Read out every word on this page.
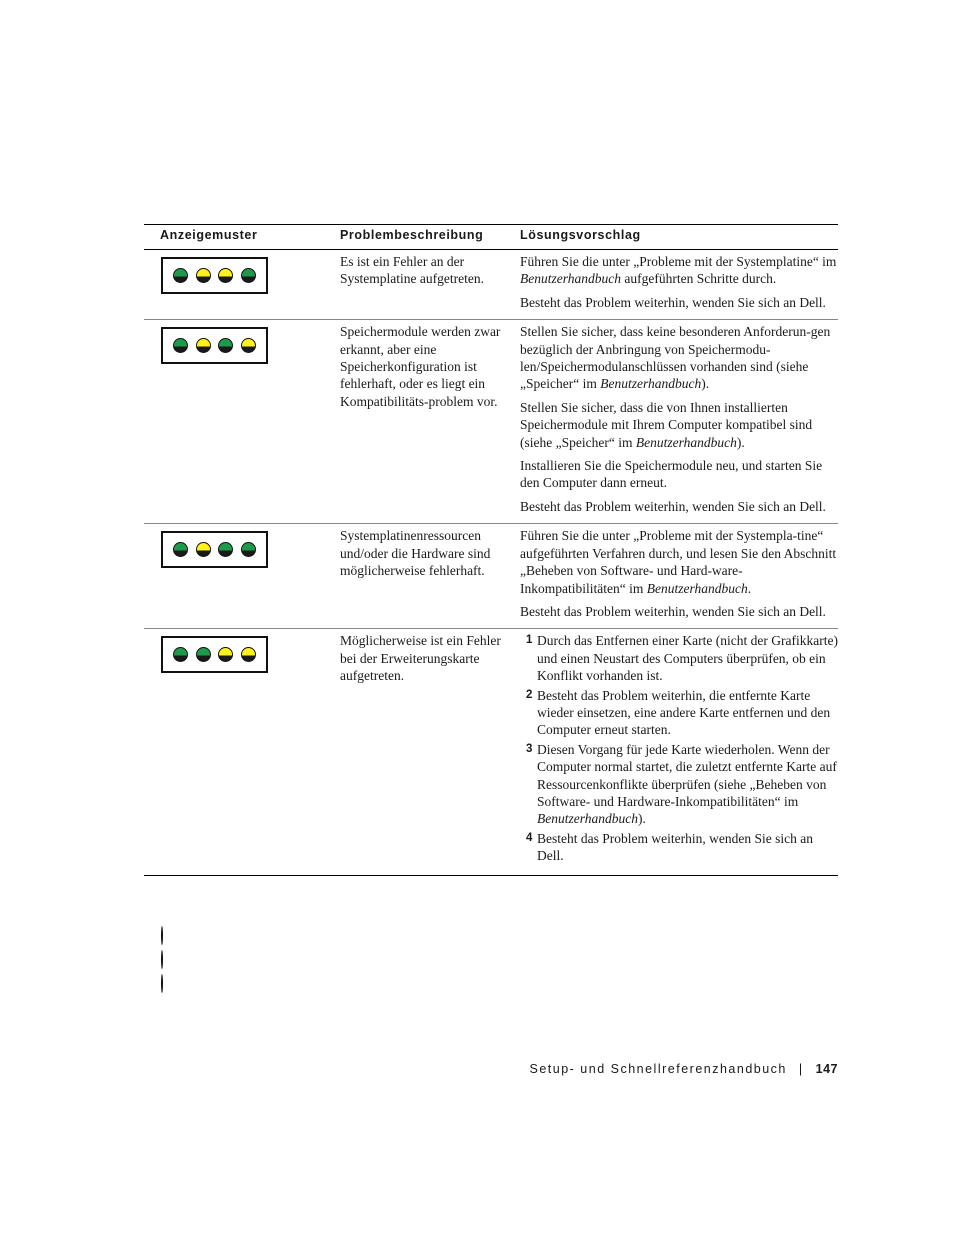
Anzeigemuster	Problembeschreibung	Lösungsvorschlag
Es ist ein Fehler an der Systemplatine aufgetreten.

Führen Sie die unter „Probleme mit der Systemplatine“ im Benutzerhandbuch aufgeführten Schritte durch.

Besteht das Problem weiterhin, wenden Sie sich an Dell.

Speichermodule werden zwar erkannt, aber eine Speicherkonfiguration ist fehlerhaft, oder es liegt ein Kompatibilitäts-problem vor.

Stellen Sie sicher, dass keine besonderen Anforderun-gen bezüglich der Anbringung von Speichermodu-len/Speichermodulanschlüssen vorhanden sind (siehe „Speicher“ im Benutzerhandbuch).

Stellen Sie sicher, dass die von Ihnen installierten Speichermodule mit Ihrem Computer kompatibel sind (siehe „Speicher“ im Benutzerhandbuch).

Installieren Sie die Speichermodule neu, und starten Sie den Computer dann erneut.

Besteht das Problem weiterhin, wenden Sie sich an Dell.

Systemplatinenressourcen und/oder die Hardware sind möglicherweise fehlerhaft.

Führen Sie die unter „Probleme mit der Systempla-tine“ aufgeführten Verfahren durch, und lesen Sie den Abschnitt „Beheben von Software- und Hard-ware-Inkompatibilitäten“ im Benutzerhandbuch.

Besteht das Problem weiterhin, wenden Sie sich an Dell.

Möglicherweise ist ein Fehler bei der Erweiterungskarte aufgetreten.
1 Durch das Entfernen einer Karte (nicht der Grafikkarte) und einen Neustart des Computers überprüfen, ob ein Konflikt vorhanden ist.
2 Besteht das Problem weiterhin, die entfernte Karte wieder einsetzen, eine andere Karte entfernen und den Computer erneut starten.
3 Diesen Vorgang für jede Karte wiederholen. Wenn der Computer normal startet, die zuletzt entfernte Karte auf Ressourcenkonflikte überprüfen (siehe „Beheben von Software- und Hardware-Inkompatibilitäten“ im Benutzerhandbuch).
4 Besteht das Problem weiterhin, wenden Sie sich an Dell.
Setup- und Schnellreferenzhandbuch | 147
